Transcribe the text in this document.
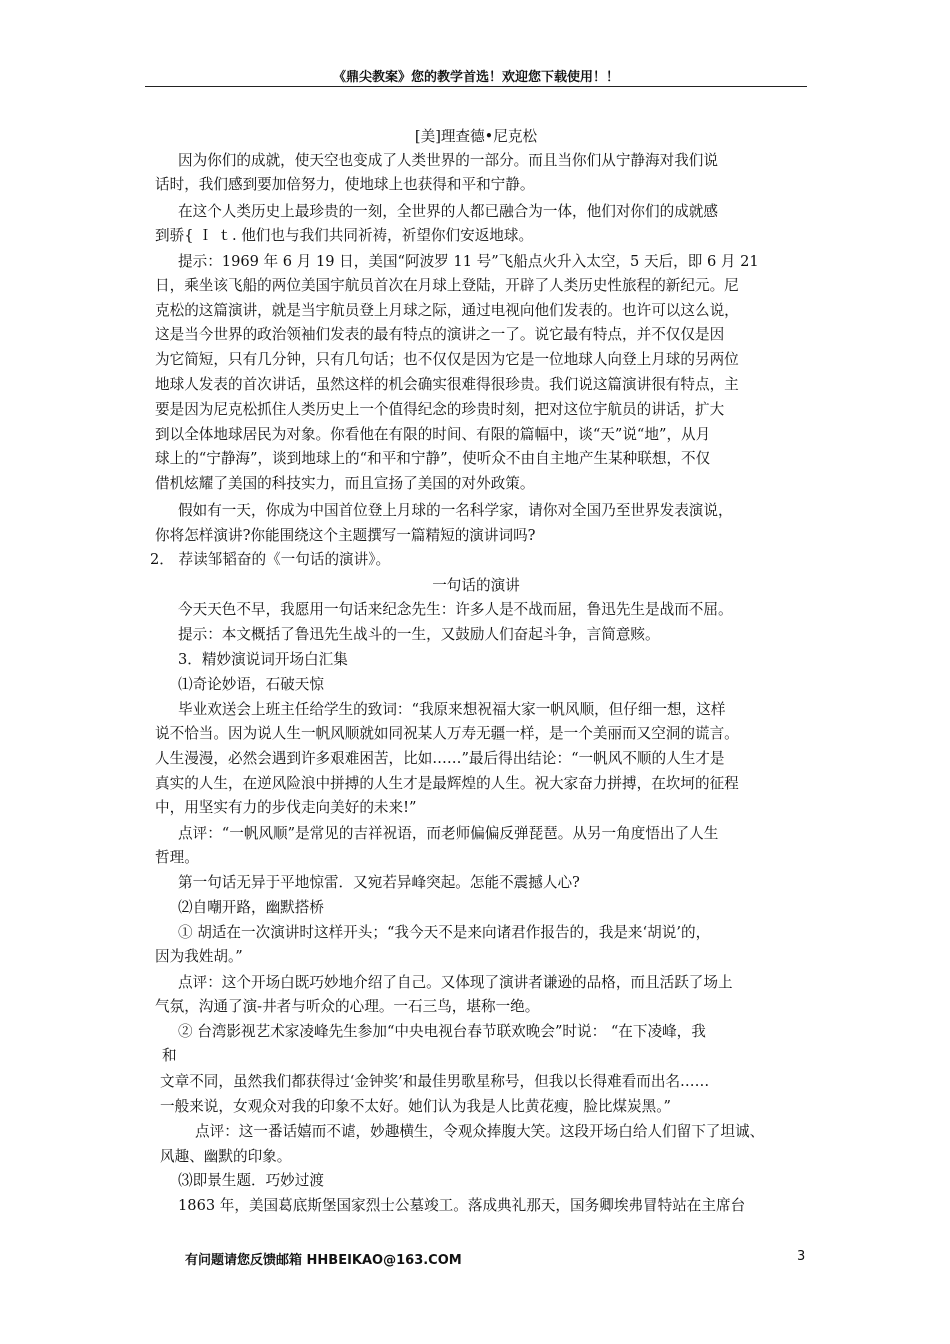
《鼎尖教案》您的教学首选！欢迎您下载使用！！
[美]理查德•尼克松
因为你们的成就，使天空也变成了人类世界的一部分。而且当你们从宁静海对我们说
话时，我们感到要加倍努力，使地球上也获得和平和宁静。
在这个人类历史上最珍贵的一刻，全世界的人都已融合为一体，他们对你们的成就感
到骄{ Ｉ ｔ. 他们也与我们共同祈祷，祈望你们安返地球。
提示：1969 年 6 月 19 日，美国“阿波罗 11 号”飞船点火升入太空，5 天后，即 6 月 21
日，乘坐该飞船的两位美国宇航员首次在月球上登陆，开辟了人类历史性旅程的新纪元。尼
克松的这篇演讲，就是当宇航员登上月球之际，通过电视向他们发表的。也许可以这么说，
这是当今世界的政治领袖们发表的最有特点的演讲之一了。说它最有特点，并不仅仅是因
为它简短，只有几分钟，只有几句话；也不仅仅是因为它是一位地球人向登上月球的另两位
地球人发表的首次讲话，虽然这样的机会确实很难得很珍贵。我们说这篇演讲很有特点，主
要是因为尼克松抓住人类历史上一个值得纪念的珍贵时刻，把对这位宇航员的讲话，扩大
到以全体地球居民为对象。你看他在有限的时间、有限的篇幅中，谈“天”说“地”，从月
球上的“宁静海”，谈到地球上的“和平和宁静”，使听众不由自主地产生某种联想，不仅
借机炫耀了美国的科技实力，而且宣扬了美国的对外政策。
假如有一天，你成为中国首位登上月球的一名科学家，请你对全国乃至世界发表演说，
你将怎样演讲?你能围绕这个主题撰写一篇精短的演讲词吗?
2． 荐读邹韬奋的《一句话的演讲》。
一句话的演讲
今天天色不早，我愿用一句话来纪念先生：许多人是不战而屈，鲁迅先生是战而不屈。
提示：本文概括了鲁迅先生战斗的一生，又鼓励人们奋起斗争，言简意赅。
3．精妙演说词开场白汇集
⑴奇论妙语，石破天惊
毕业欢送会上班主任给学生的致词：“我原来想祝福大家一帆风顺，但仔细一想，这样
说不恰当。因为说人生一帆风顺就如同祝某人万寿无疆一样，是一个美丽而又空洞的谎言。
人生漫漫，必然会遇到许多艰难困苦，比如……”最后得出结论：“一帆风不顺的人生才是
真实的人生，在逆风险浪中拼搏的人生才是最辉煌的人生。祝大家奋力拼搏，在坎坷的征程
中，用坚实有力的步伐走向美好的未来!”
点评：“一帆风顺”是常见的吉祥祝语，而老师偏偏反弹琵琶。从另一角度悟出了人生
哲理。
第一句话无异于平地惊雷．又宛若异峰突起。怎能不震撼人心?
⑵自嘲开路，幽默搭桥
① 胡适在一次演讲时这样开头；“我今天不是来向诸君作报告的，我是来‘胡说’的，
因为我姓胡。”
点评：这个开场白既巧妙地介绍了自己。又体现了演讲者谦逊的品格，而且活跃了场上
气氛，沟通了演-井者与听众的心理。一石三鸟，堪称一绝。
② 台湾影视艺术家凌峰先生参加“中央电视台春节联欢晚会”时说： “在下凌峰，我
和
文章不同，虽然我们都获得过‘金钟奖’和最佳男歌星称号，但我以长得难看而出名……
一般来说，女观众对我的印象不太好。她们认为我是人比黄花瘦，脸比煤炭黑。”
点评：这一番话嬉而不谑，妙趣横生，令观众捧腹大笑。这段开场白给人们留下了坦诚、
风趣、幽默的印象。
⑶即景生题．巧妙过渡
1863 年，美国葛底斯堡国家烈士公墓竣工。落成典礼那天，国务卿埃弗冒特站在主席台
有问题请您反馈邮箱 HHBEIKAO@163.COM	3
